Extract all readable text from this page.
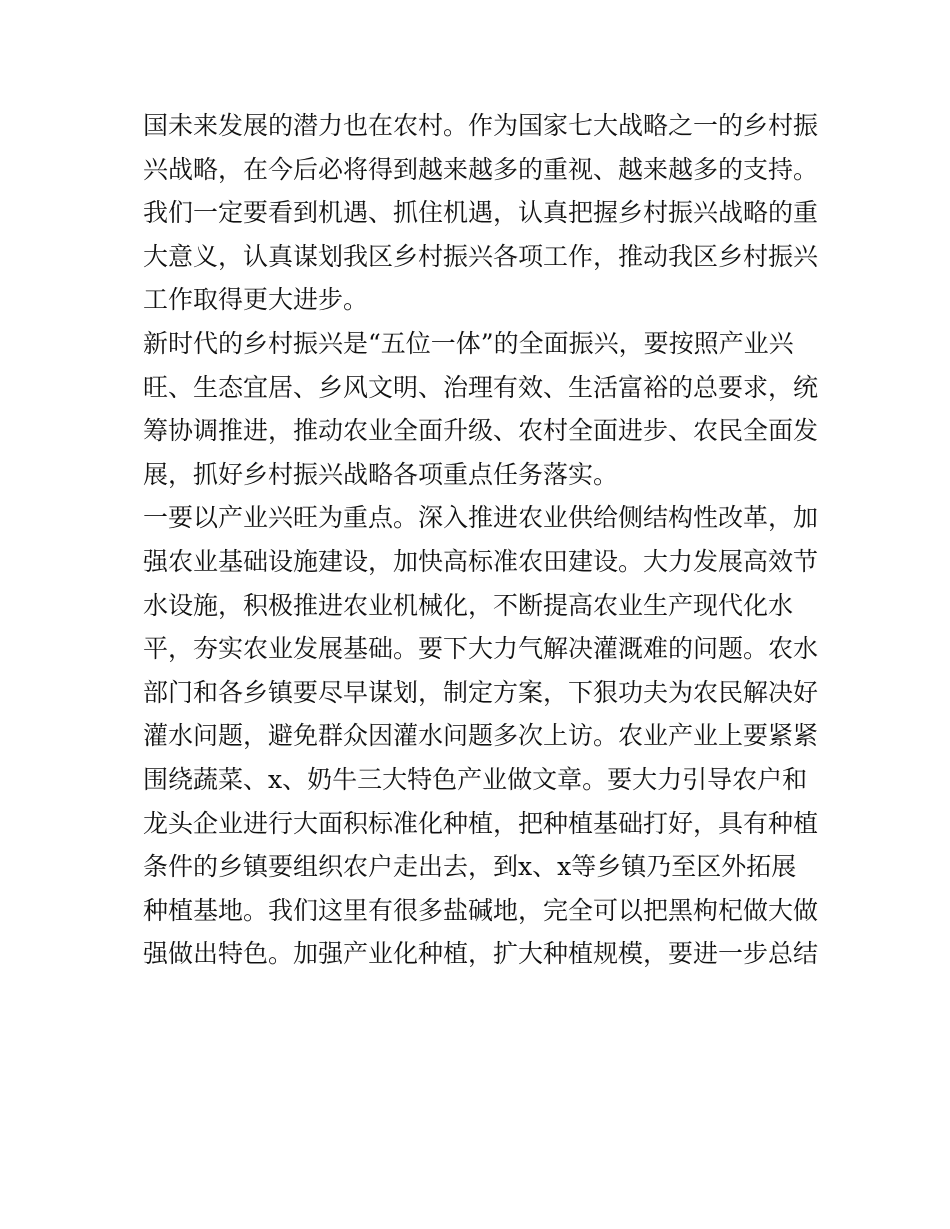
国未来发展的潜力也在农村。作为国家七大战略之一的乡村振
兴战略，在今后必将得到越来越多的重视、越来越多的支持。
我们一定要看到机遇、抓住机遇，认真把握乡村振兴战略的重
大意义，认真谋划我区乡村振兴各项工作，推动我区乡村振兴
工作取得更大进步。
新时代的乡村振兴是“五位一体”的全面振兴，要按照产业兴
旺、生态宜居、乡风文明、治理有效、生活富裕的总要求，统
筹协调推进，推动农业全面升级、农村全面进步、农民全面发
展，抓好乡村振兴战略各项重点任务落实。
一要以产业兴旺为重点。深入推进农业供给侧结构性改革，加
强农业基础设施建设，加快高标准农田建设。大力发展高效节
水设施，积极推进农业机械化，不断提高农业生产现代化水
平，夯实农业发展基础。要下大力气解决灌溉难的问题。农水
部门和各乡镇要尽早谋划，制定方案，下狠功夫为农民解决好
灌水问题，避免群众因灌水问题多次上访。农业产业上要紧紧
围绕蔬菜、x、奶牛三大特色产业做文章。要大力引导农户和
龙头企业进行大面积标准化种植，把种植基础打好，具有种植
条件的乡镇要组织农户走出去，到x、x等乡镇乃至区外拓展
种植基地。我们这里有很多盐碱地，完全可以把黑枸杞做大做
强做出特色。加强产业化种植，扩大种植规模，要进一步总结
